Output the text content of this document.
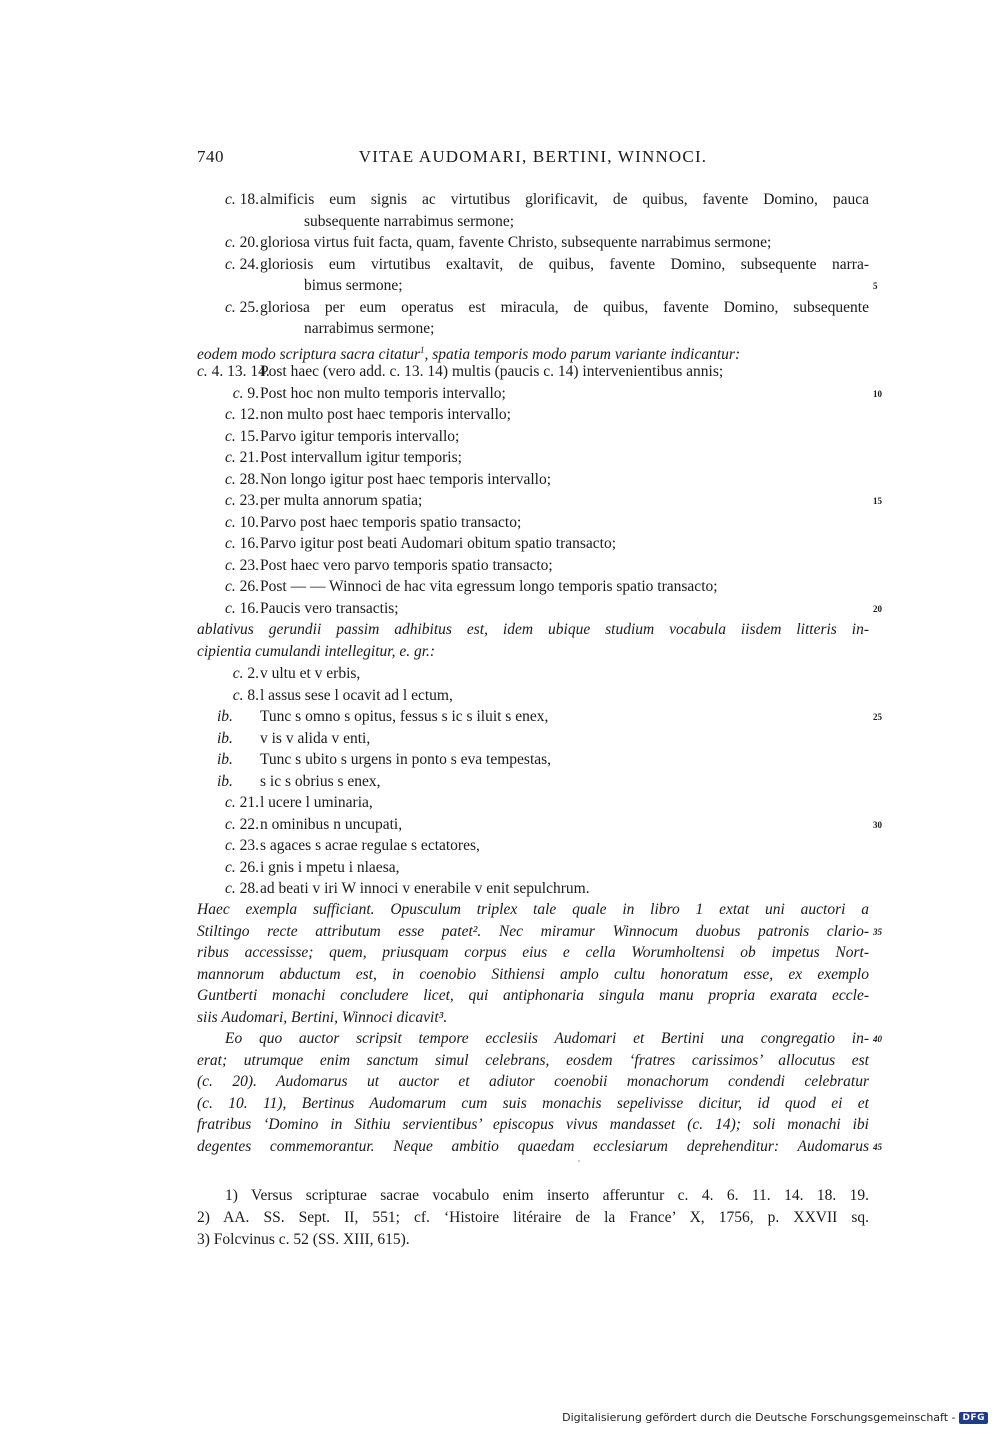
740	VITAE AUDOMARI, BERTINI, WINNOCI.
c. 18. almificis eum signis ac virtutibus glorificavit, de quibus, favente Domino, pauca
subsequente narrabimus sermone;
c. 20. gloriosa virtus fuit facta, quam, favente Christo, subsequente narrabimus sermone;
c. 24. gloriosis eum virtutibus exaltavit, de quibus, favente Domino, subsequente narra-
bimus sermone;	5
c. 25. gloriosa per eum operatus est miracula, de quibus, favente Domino, subsequente
narrabimus sermone;
eodem modo scriptura sacra citatur$^1$, spatia temporis modo parum variante indicantur:
c. 4. 13. 14.
Post haec (vero add. c. 13. 14) multis (paucis c. 14) intervenientibus annis;
c. 9. Post hoc non multo temporis intervallo;	10
c. 12. non multo post haec temporis intervallo;
c. 15. Parvo igitur temporis intervallo;
c. 21. Post intervallum igitur temporis;
c. 28. Non longo igitur post haec temporis intervallo;
c. 23. per multa annorum spatia;	15
c. 10. Parvo post haec temporis spatio transacto;
c. 16. Parvo igitur post beati Audomari obitum spatio transacto;
c. 23. Post haec vero parvo temporis spatio transacto;
c. 26. Post — — Winnoci de hac vita egressum longo temporis spatio transacto;
c. 16. Paucis vero transactis;	20
ablativus gerundii passim adhibitus est, idem ubique studium vocabula iisdem litteris in-
cipientia cumulandi intellegitur, e. gr.:
c. 2. v ultu et v erbis,
c. 8. l assus sese l ocavit ad l ectum,
ib.	Tunc s omno s opitus, fessus s ic s iluit s enex,	25
ib.	v is v alida v enti,
ib.	Tunc s ubito s urgens in ponto s eva tempestas,
ib.	s ic s obrius s enex,
c. 21. l ucere l uminaria,
c. 22. n ominibus n uncupati,	30
c. 23. s agaces s acrae regulae s ectatores,
c. 26. i gnis i mpetu i nlaesa,
c. 28. ad beati v iri W innoci v enerabile v enit sepulchrum.
Haec exempla sufficiant. Opusculum triplex tale quale in libro 1 extat uni auctori a
Stiltingo recte attributum esse patet². Nec miramur Winnocum duobus patronis clario- 35
ribus accessisse; quem, priusquam corpus eius e cella Worumholtensi ob impetus Nort-
mannorum abductum est, in coenobio Sithiensi amplo cultu honoratum esse, ex exemplo
Guntberti monachi concludere licet, qui antiphonaria singula manu propria exarata eccle-
siis Audomari, Bertini, Winnoci dicavit³.
Eo quo auctor scripsit tempore ecclesiis Audomari et Bertini una congregatio in- 40
erat; utrumque enim sanctum simul celebrans, eosdem ‘fratres carissimos’ allocutus est
(c. 20). Audomarus ut auctor et adiutor coenobii monachorum condendi celebratur
(c. 10. 11), Bertinus Audomarum cum suis monachis sepelivisse dicitur, id quod ei et
fratribus ‘Domino in Sithiu servientibus’ episcopus vivus mandasset (c. 14); soli monachi ibi
degentes commemorantur. Neque ambitio quaedam ecclesiarum deprehenditur: Audomarus 45
1) Versus scripturae sacrae vocabulo enim inserto afferuntur c. 4. 6. 11. 14. 18. 19.
2) AA. SS. Sept. II, 551; cf. ‘Histoire litéraire de la France’ X, 1756, p. XXVII sq.
3) Folcvinus c. 52 (SS. XIII, 615).
Digitalisierung gefördert durch die Deutsche Forschungsgemeinschaft - DFG
